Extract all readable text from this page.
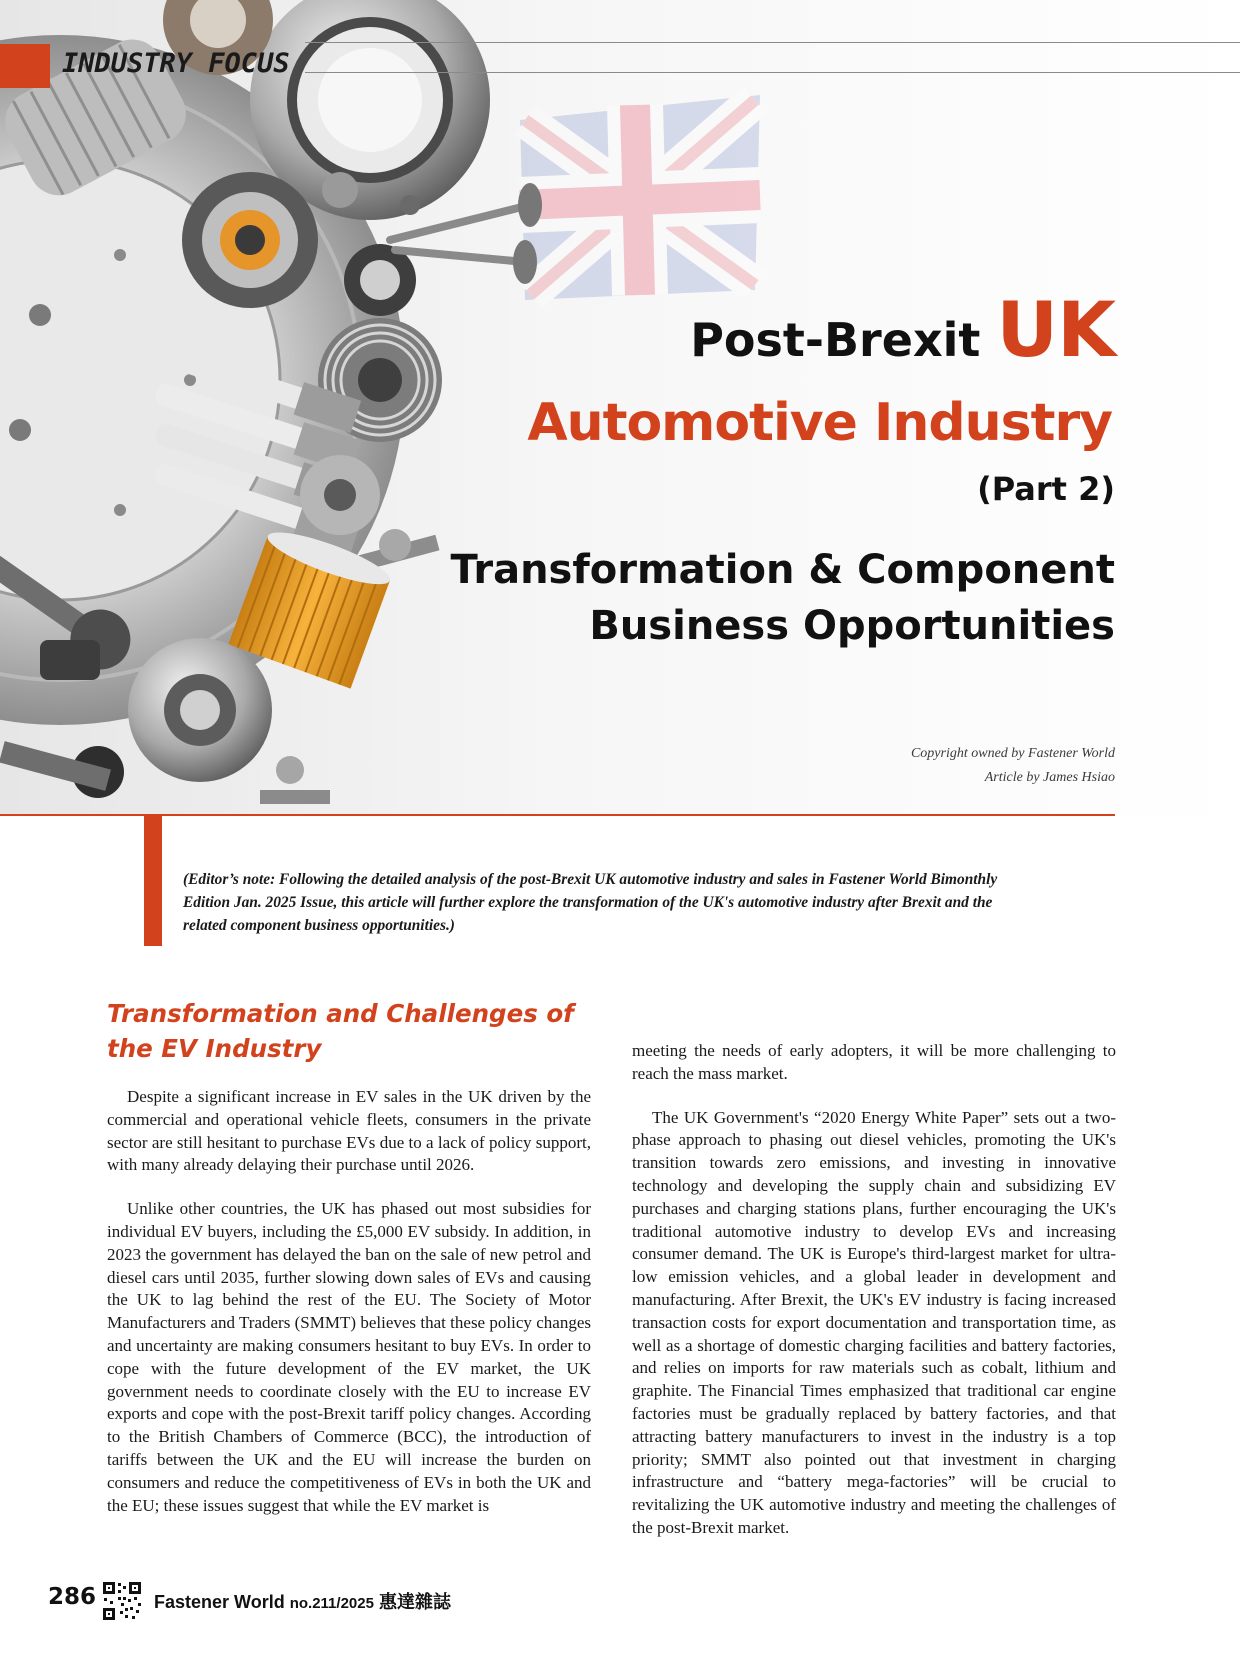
INDUSTRY FOCUS
Post-Brexit UK
Automotive Industry
(Part 2)
Transformation & Component
Business Opportunities
Copyright owned by Fastener World
Article by James Hsiao
(Editor’s note: Following the detailed analysis of the post-Brexit UK automotive industry and sales in Fastener World Bimonthly Edition Jan. 2025 Issue, this article will further explore the transformation of the UK's automotive industry after Brexit and the related component business opportunities.)
Transformation and Challenges of the EV Industry

Despite a significant increase in EV sales in the UK driven by the commercial and operational vehicle fleets, consumers in the private sector are still hesitant to purchase EVs due to a lack of policy support, with many already delaying their purchase until 2026.

Unlike other countries, the UK has phased out most subsidies for individual EV buyers, including the £5,000 EV subsidy. In addition, in 2023 the government has delayed the ban on the sale of new petrol and diesel cars until 2035, further slowing down sales of EVs and causing the UK to lag behind the rest of the EU. The Society of Motor Manufacturers and Traders (SMMT) believes that these policy changes and uncertainty are making consumers hesitant to buy EVs. In order to cope with the future development of the EV market, the UK government needs to coordinate closely with the EU to increase EV exports and cope with the post-Brexit tariff policy changes. According to the British Chambers of Commerce (BCC), the introduction of tariffs between the UK and the EU will increase the burden on consumers and reduce the competitiveness of EVs in both the UK and the EU; these issues suggest that while the EV market is

meeting the needs of early adopters, it will be more challenging to reach the mass market.

The UK Government's “2020 Energy White Paper” sets out a two-phase approach to phasing out diesel vehicles, promoting the UK's transition towards zero emissions, and investing in innovative technology and developing the supply chain and subsidizing EV purchases and charging stations plans, further encouraging the UK's traditional automotive industry to develop EVs and increasing consumer demand. The UK is Europe's third-largest market for ultra-low emission vehicles, and a global leader in development and manufacturing. After Brexit, the UK's EV industry is facing increased transaction costs for export documentation and transportation time, as well as a shortage of domestic charging facilities and battery factories, and relies on imports for raw materials such as cobalt, lithium and graphite. The Financial Times emphasized that traditional car engine factories must be gradually replaced by battery factories, and that attracting battery manufacturers to invest in the industry is a top priority; SMMT also pointed out that investment in charging infrastructure and “battery mega-factories” will be crucial to revitalizing the UK automotive industry and meeting the challenges of the post-Brexit market.

286	Fastener World no.211/2025 惠達雜誌
